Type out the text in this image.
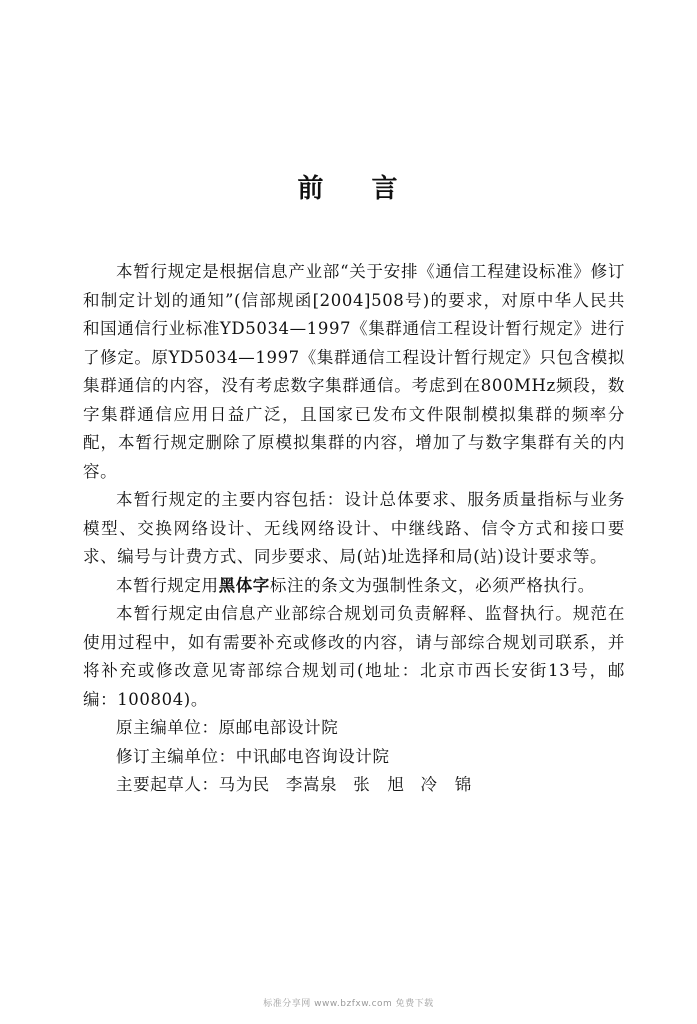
前 言

本暂行规定是根据信息产业部“关于安排《通信工程建设标准》修订和制定计划的通知”(信部规函[2004]508号)的要求，对原中华人民共和国通信行业标准YD5034—1997《集群通信工程设计暂行规定》进行了修定。原YD5034—1997《集群通信工程设计暂行规定》只包含模拟集群通信的内容，没有考虑数字集群通信。考虑到在800MHz频段，数字集群通信应用日益广泛，且国家已发布文件限制模拟集群的频率分配，本暂行规定删除了原模拟集群的内容，增加了与数字集群有关的内容。

本暂行规定的主要内容包括：设计总体要求、服务质量指标与业务模型、交换网络设计、无线网络设计、中继线路、信令方式和接口要求、编号与计费方式、同步要求、局(站)址选择和局(站)设计要求等。

本暂行规定用黑体字标注的条文为强制性条文，必须严格执行。

本暂行规定由信息产业部综合规划司负责解释、监督执行。规范在使用过程中，如有需要补充或修改的内容，请与部综合规划司联系，并将补充或修改意见寄部综合规划司(地址：北京市西长安街13号，邮编：100804)。

原主编单位：原邮电部设计院

修订主编单位：中讯邮电咨询设计院

主要起草人：马为民 李嵩泉 张　旭 冷　锦

标准分享网 www.bzfxw.com 免费下载
